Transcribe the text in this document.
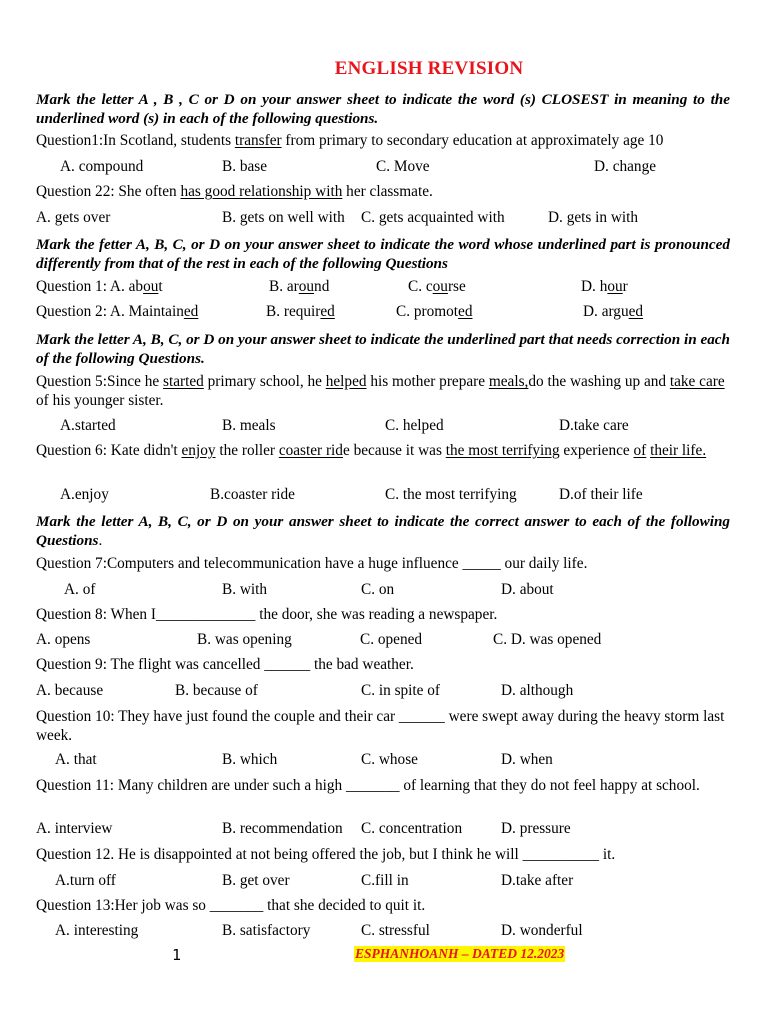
ENGLISH REVISION
Mark the letter A , B , C or D on your answer sheet to indicate the word (s) CLOSEST in meaning to the underlined word (s) in each of the following questions.
Question1:In Scotland, students transfer from primary to secondary education at approximately age 10
A. compound	B. base	C. Move	D. change
Question 22: She often has good relationship with her classmate.
A. gets over	B. gets on well with C. gets acquainted with	D. gets in with
Mark the fetter A, B, C, or D on your answer sheet to indicate the word whose underlined part is pronounced differently from that of the rest in each of the following Questions
Question 1: A. about	B. around	C. course	D. hour
Question 2: A. Maintained	B. required	C. promoted	D. argued
Mark the letter A, B, C, or D on your answer sheet to indicate the underlined part that needs correction in each of the following Questions.
Question 5:Since he started primary school, he helped his mother prepare meals,do the washing up and take care of his younger sister.
A.started	B. meals	C. helped	D.take care
Question 6: Kate didn't enjoy the roller coaster ride because it was the most terrifying experience of their life.
A.enjoy	B.coaster ride	C. the most terrifying	D.of their life
Mark the letter A, B, C, or D on your answer sheet to indicate the correct answer to each of the following Questions.
Question 7:Computers and telecommunication have a huge influence _____ our daily life.
A. of	B. with	C. on	D. about
Question 8: When I_____________ the door, she was reading a newspaper.
A. opens	B. was opening	C. opened	C. D. was opened
Question 9: The flight was cancelled ______ the bad weather.
A. because	B. because of	C. in spite of	D. although
Question 10: They have just found the couple and their car ______ were swept away during the heavy storm last week.
A. that	B. which	C. whose	D. when
Question 11: Many children are under such a high _______ of learning that they do not feel happy at school.
A. interview	B. recommendation C. concentration	D. pressure
Question 12. He is disappointed at not being offered the job, but I think he will __________ it.
A.turn off	B. get over	C.fill in	D.take after
Question 13:Her job was so _______ that she decided to quit it.
A. interesting	B. satisfactory	C. stressful	D. wonderful
1	ESPHANHOANH – DATED 12.2023
